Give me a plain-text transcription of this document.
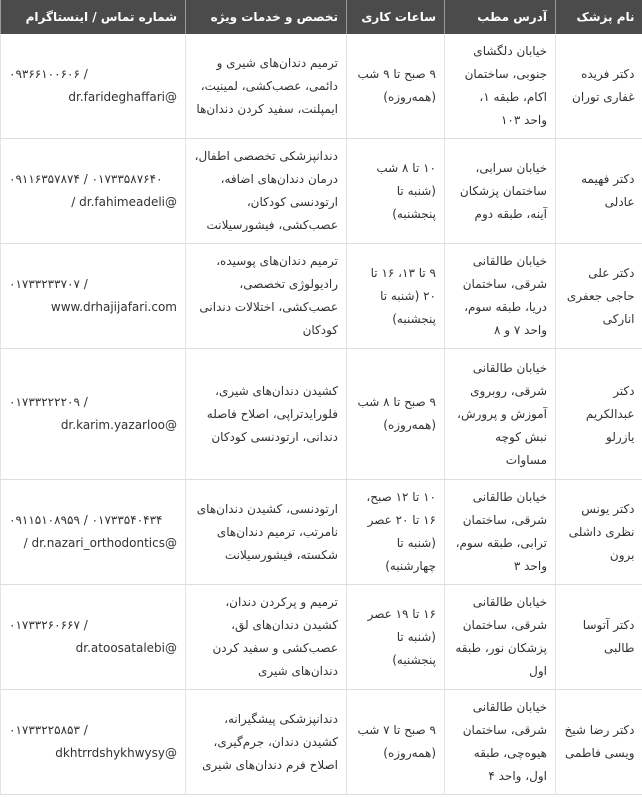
نام پزشک	آدرس مطب	ساعات کاری	تخصص و خدمات ویژه	شماره تماس / اینستاگرام
دکتر فریده غفاری توران	خیابان دلگشای جنوبی، ساختمان اکام، طبقه ۱، واحد ۱۰۳	۹ صبح تا ۹ شب (همه‌روزه)	ترمیم دندان‌های شیری و دائمی، عصب‌کشی، لمینیت، ایمپلنت، سفید کردن دندان‌ها	۰۹۳۶۶۱۰۰۶۰۶ /
dr.farideghaffari@

دکتر فهیمه عادلی	خیابان سرابی، ساختمان پزشکان آینه، طبقه دوم	۱۰ تا ۸ شب (شنبه تا پنجشنبه)	دندانپزشکی تخصصی اطفال، درمان دندان‌های اضافه، ارتودنسی کودکان، عصب‌کشی، فیشورسیلانت	۰۹۱۱۶۳۵۷۸۷۴ / ۰۱۷۳۳۵۸۷۶۴۰
/ dr.fahimeadeli@

دکتر علی حاجی جعفری اناركی	خیابان طالقانی شرقی، ساختمان دریا، طبقه سوم، واحد ۷ و ۸	۹ تا ۱۳، ۱۶ تا ۲۰ (شنبه تا پنجشنبه)	ترمیم دندان‌های پوسیده، رادیولوژی تخصصی، عصب‌کشی، اختلالات دندانی کودکان	۰۱۷۳۳۲۳۳۷۰۷ /
www.drhajijafari.com

دکتر عبدالکریم یازرلو	خیابان طالقانی شرقی، روبروی آموزش و پرورش، نبش کوچه مساوات	۹ صبح تا ۸ شب (همه‌روزه)	کشیدن دندان‌های شیری، فلورایدتراپی، اصلاح فاصله دندانی، ارتودنسی کودکان	۰۱۷۳۳۲۲۲۲۰۹ /
dr.karim.yazarloo@

دکتر یونس نظری داشلی برون	خیابان طالقانی شرقی، ساختمان ترابی، طبقه سوم، واحد ۳	۱۰ تا ۱۲ صبح، ۱۶ تا ۲۰ عصر (شنبه تا چهارشنبه)	ارتودنسی، کشیدن دندان‌های نامرتب، ترمیم دندان‌های شکسته، فیشورسیلانت	۰۹۱۱۵۱۰۸۹۵۹ / ۰۱۷۳۳۵۴۰۴۳۴
/ dr.nazari_orthodontics@

دکتر آتوسا طالبی	خیابان طالقانی شرقی، ساختمان پزشکان نور، طبقه اول	۱۶ تا ۱۹ عصر (شنبه تا پنجشنبه)	ترمیم و پرکردن دندان، کشیدن دندان‌های لق، عصب‌کشی و سفید کردن دندان‌های شیری	۰۱۷۳۳۲۶۰۶۶۷ /
dr.atoosatalebi@

دکتر رضا شیخ ویسی فاطمی	خیابان طالقانی شرقی، ساختمان هیوه‌چی، طبقه اول، واحد ۴	۹ صبح تا ۷ شب (همه‌روزه)	دندانپزشکی پیشگیرانه، کشیدن دندان، جرم‌گیری، اصلاح فرم دندان‌های شیری	۰۱۷۳۳۲۲۵۸۵۳ /
dkhtrrdshykhwysy@
